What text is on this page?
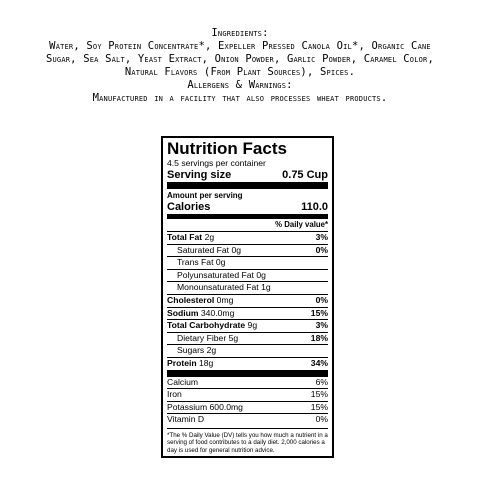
Ingredients:
Water, Soy Protein Concentrate*, Expeller Pressed Canola Oil*, Organic Cane Sugar, Sea Salt, Yeast Extract, Onion Powder, Garlic Powder, Caramel Color, Natural Flavors (From Plant Sources), Spices.
Allergens & Warnings:
Manufactured in a facility that also processes wheat products.
Nutrition Facts
4.5 servings per container
Serving size	0.75 Cup
Amount per serving
Calories	110.0
% Daily value*
Total Fat 2g	3%
Saturated Fat 0g	0%
Trans Fat 0g
Polyunsaturated Fat 0g
Monounsaturated Fat 1g
Cholesterol 0mg	0%
Sodium 340.0mg	15%
Total Carbohydrate 9g	3%
Dietary Fiber 5g	18%
Sugars 2g
Protein 18g	34%
Calcium	6%
Iron	15%
Potassium 600.0mg	15%
Vitamin D	0%
*The % Daily Value (DV) tells you how much a nutrient in a serving of food contributes to a daily diet. 2,000 calories a day is used for general nutrition advice.
